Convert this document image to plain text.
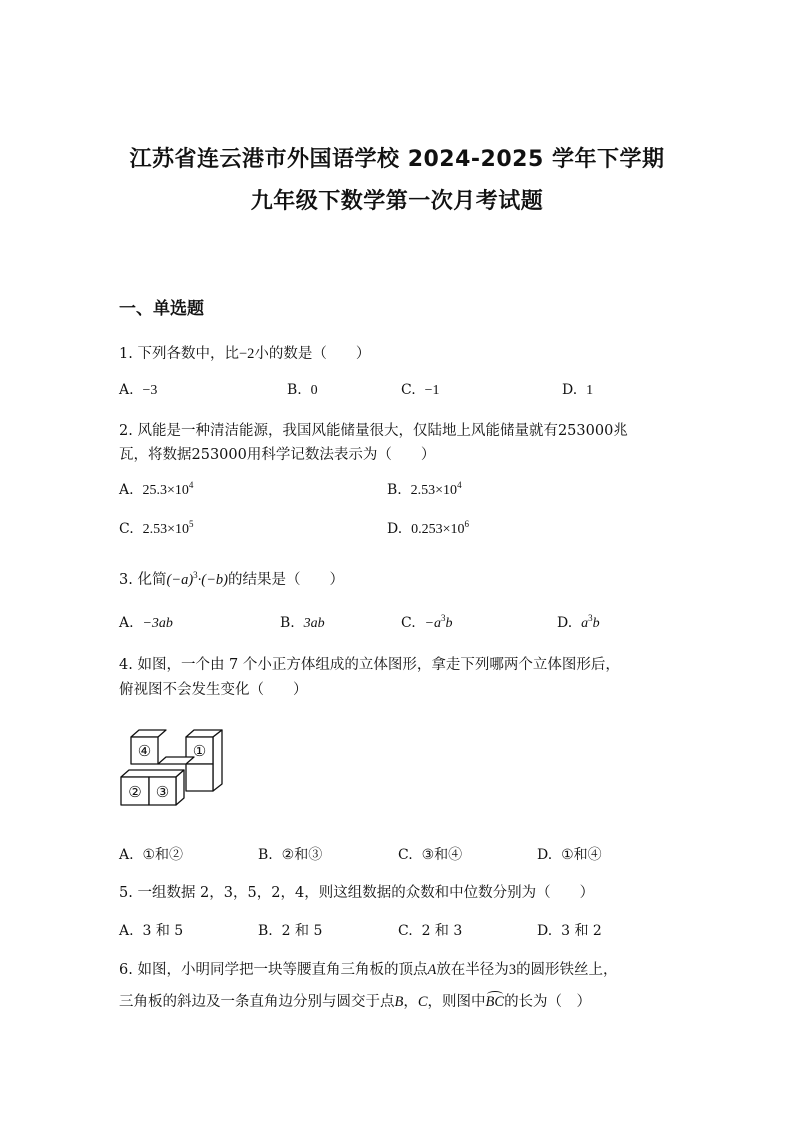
江苏省连云港市外国语学校 2024-2025 学年下学期
九年级下数学第一次月考试题
一、单选题
1. 下列各数中，比−2小的数是（　　）
A. −3	B. 0	C. −1	D. 1
2. 风能是一种清洁能源，我国风能储量很大，仅陆地上风能储量就有253000兆
瓦，将数据253000用科学记数法表示为（　　）
A. $25.3\times 10^4$	B. $2.53\times 10^4$
C. $2.53\times 10^5$	D. $0.253\times 10^6$
3. 化简$(-a)^3\cdot(-b)$的结果是（　　）
A. −3ab	B. 3ab	C. $-a^3b$	D. $a^3b$
4. 如图，一个由 7 个小正方体组成的立体图形，拿走下列哪两个立体图形后，
俯视图不会发生变化（　　）
④	①
② ③
A. ①和②	B. ②和③	C. ③和④	D. ①和④
5. 一组数据 2，3，5，2，4，则这组数据的众数和中位数分别为（　　）
A. 3 和 5	B. 2 和 5	C. 2 和 3	D. 3 和 2
6. 如图，小明同学把一块等腰直角三角板的顶点A放在半径为3的圆形铁丝上，
三角板的斜边及一条直角边分别与圆交于点B，C，则图中BC的长为（　）
